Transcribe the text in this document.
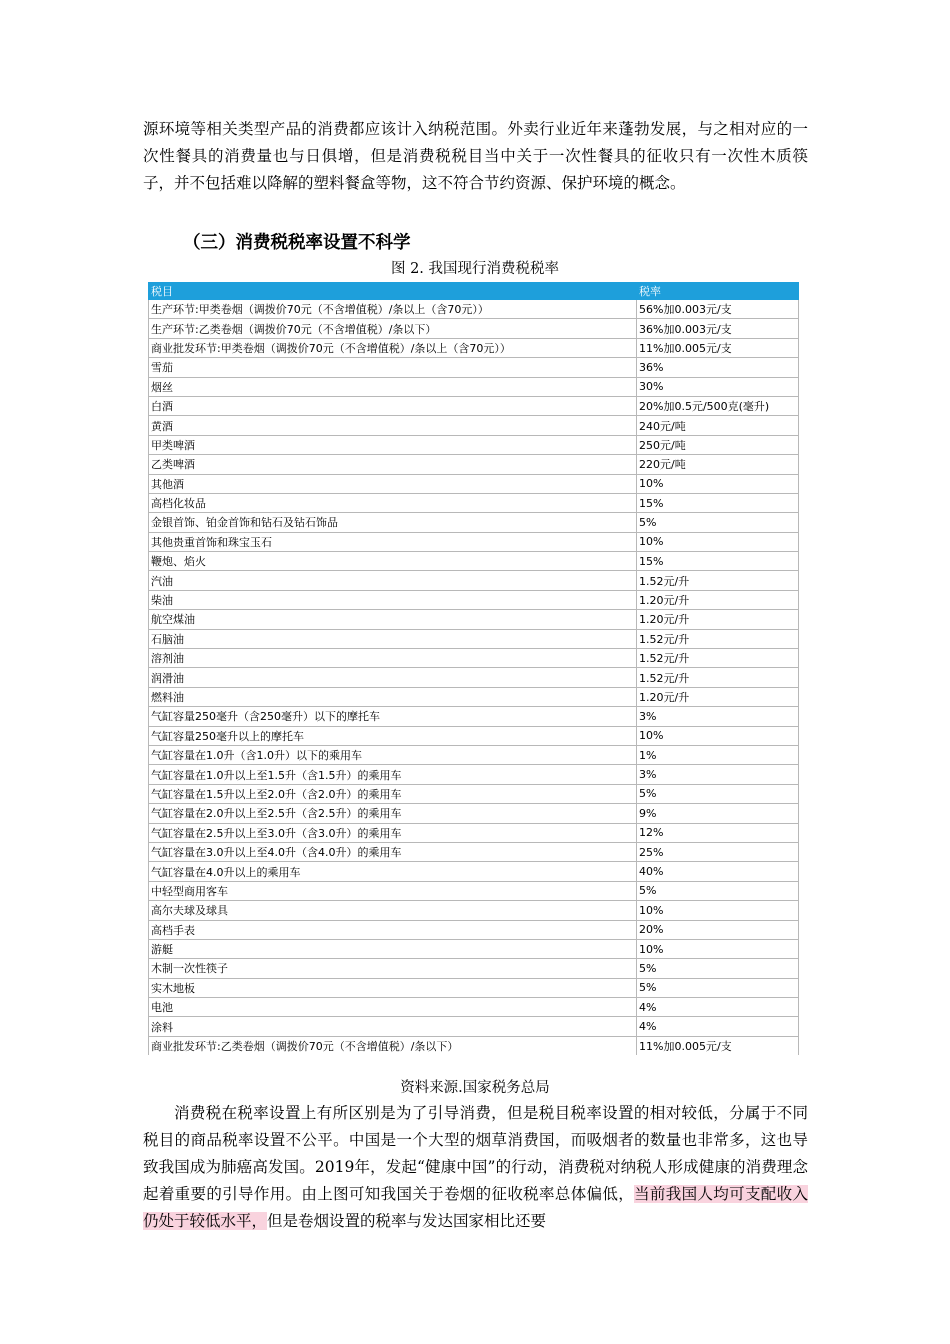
源环境等相关类型产品的消费都应该计入纳税范围。外卖行业近年来蓬勃发展，与之相对应的一次性餐具的消费量也与日俱增，但是消费税税目当中关于一次性餐具的征收只有一次性木质筷子，并不包括难以降解的塑料餐盒等物，这不符合节约资源、保护环境的概念。
（三）消费税税率设置不科学
图 2. 我国现行消费税税率
税目	税率
生产环节:甲类卷烟（调拨价70元（不含增值税）/条以上（含70元））	56%加0.003元/支
生产环节:乙类卷烟（调拨价70元（不含增值税）/条以下）	36%加0.003元/支
商业批发环节:甲类卷烟（调拨价70元（不含增值税）/条以上（含70元））	11%加0.005元/支
雪茄	36%
烟丝	30%
白酒	20%加0.5元/500克(毫升)
黄酒	240元/吨
甲类啤酒	250元/吨
乙类啤酒	220元/吨
其他酒	10%
高档化妆品	15%
金银首饰、铂金首饰和钻石及钻石饰品	5%
其他贵重首饰和珠宝玉石	10%
鞭炮、焰火	15%
汽油	1.52元/升
柴油	1.20元/升
航空煤油	1.20元/升
石脑油	1.52元/升
溶剂油	1.52元/升
润滑油	1.52元/升
燃料油	1.20元/升
气缸容量250毫升（含250毫升）以下的摩托车	3%
气缸容量250毫升以上的摩托车	10%
气缸容量在1.0升（含1.0升）以下的乘用车	1%
气缸容量在1.0升以上至1.5升（含1.5升）的乘用车	3%
气缸容量在1.5升以上至2.0升（含2.0升）的乘用车	5%
气缸容量在2.0升以上至2.5升（含2.5升）的乘用车	9%
气缸容量在2.5升以上至3.0升（含3.0升）的乘用车	12%
气缸容量在3.0升以上至4.0升（含4.0升）的乘用车	25%
气缸容量在4.0升以上的乘用车	40%
中轻型商用客车	5%
高尔夫球及球具	10%
高档手表	20%
游艇	10%
木制一次性筷子	5%
实木地板	5%
电池	4%
涂料	4%
商业批发环节:乙类卷烟（调拨价70元（不含增值税）/条以下）	11%加0.005元/支
资料来源.国家税务总局
消费税在税率设置上有所区别是为了引导消费，但是税目税率设置的相对较低，分属于不同税目的商品税率设置不公平。中国是一个大型的烟草消费国，而吸烟者的数量也非常多，这也导致我国成为肺癌高发国。2019年，发起“健康中国”的行动，消费税对纳税人形成健康的消费理念起着重要的引导作用。由上图可知我国关于卷烟的征收税率总体偏低，当前我国人均可支配收入仍处于较低水平，但是卷烟设置的税率与发达国家相比还要
